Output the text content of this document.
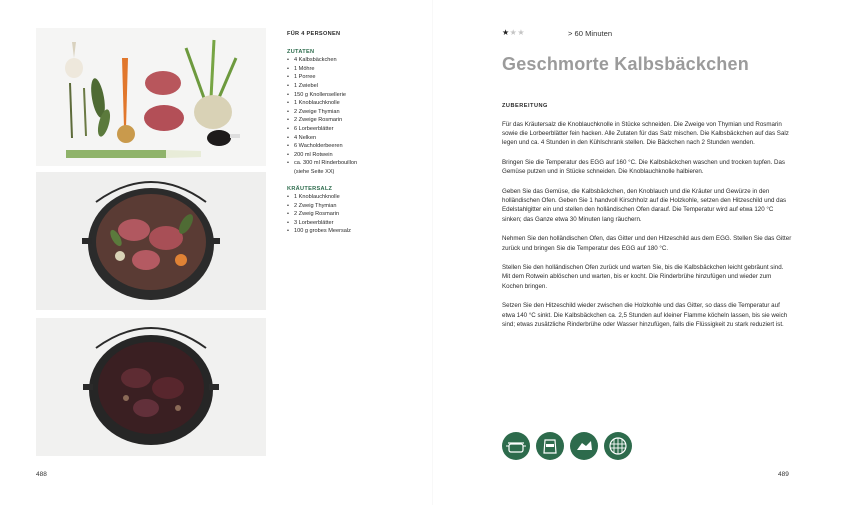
FÜR 4 PERSONEN
ZUTATEN
• 4 Kalbsbäckchen
• 1 Möhre
• 1 Porree
• 1 Zwiebel
• 150 g Knollensellerie
• 1 Knoblauchknolle
• 2 Zweige Thymian
• 2 Zweige Rosmarin
• 6 Lorbeerblätter
• 4 Nelken
• 6 Wacholderbeeren
• 200 ml Rotwein
• ca. 300 ml Rinderbouillon
(siehe Seite XX)
KRÄUTERSALZ
• 1 Knoblauchknolle
• 2 Zweig Thymian
• 2 Zweig Rosmarin
• 3 Lorbeerblätter
• 100 g grobes Meersalz
488
★★★	> 60 Minuten
Geschmorte Kalbsbäckchen
ZUBEREITUNG

Für das Kräutersalz die Knoblauchknolle in Stücke schneiden. Die Zweige von Thymian und Rosmarin sowie die Lorbeerblätter fein hacken. Alle Zutaten für das Salz mischen. Die Kalbsbäckchen auf das Salz legen und ca. 4 Stunden in den Kühlschrank stellen. Die Bäckchen nach 2 Stunden wenden.

Bringen Sie die Temperatur des EGG auf 160 °C. Die Kalbsbäckchen waschen und trocken tupfen. Das Gemüse putzen und in Stücke schneiden. Die Knoblauchknolle halbieren.

Geben Sie das Gemüse, die Kalbsbäckchen, den Knoblauch und die Kräuter und Gewürze in den holländischen Ofen. Geben Sie 1 handvoll Kirschholz auf die Holzkohle, setzen den Hitzeschild und das Edelstahlgitter ein und stellen den holländischen Ofen darauf. Die Temperatur wird auf etwa 120 °C sinken; das Ganze etwa 30 Minuten lang räuchern.

Nehmen Sie den holländischen Ofen, das Gitter und den Hitzeschild aus dem EGG. Stellen Sie das Gitter zurück und bringen Sie die Temperatur des EGG auf 180 °C.

Stellen Sie den holländischen Ofen zurück und warten Sie, bis die Kalbsbäckchen leicht gebräunt sind. Mit dem Rotwein ablöschen und warten, bis er kocht. Die Rinderbrühe hinzufügen und wieder zum Kochen bringen.

Setzen Sie den Hitzeschild wieder zwischen die Holzkohle und das Gitter, so dass die Temperatur auf etwa 140 °C sinkt. Die Kalbsbäckchen ca. 2,5 Stunden auf kleiner Flamme köcheln lassen, bis sie weich sind; etwas zusätzliche Rinderbrühe oder Wasser hinzufügen, falls die Flüssigkeit zu stark reduziert ist.

489
